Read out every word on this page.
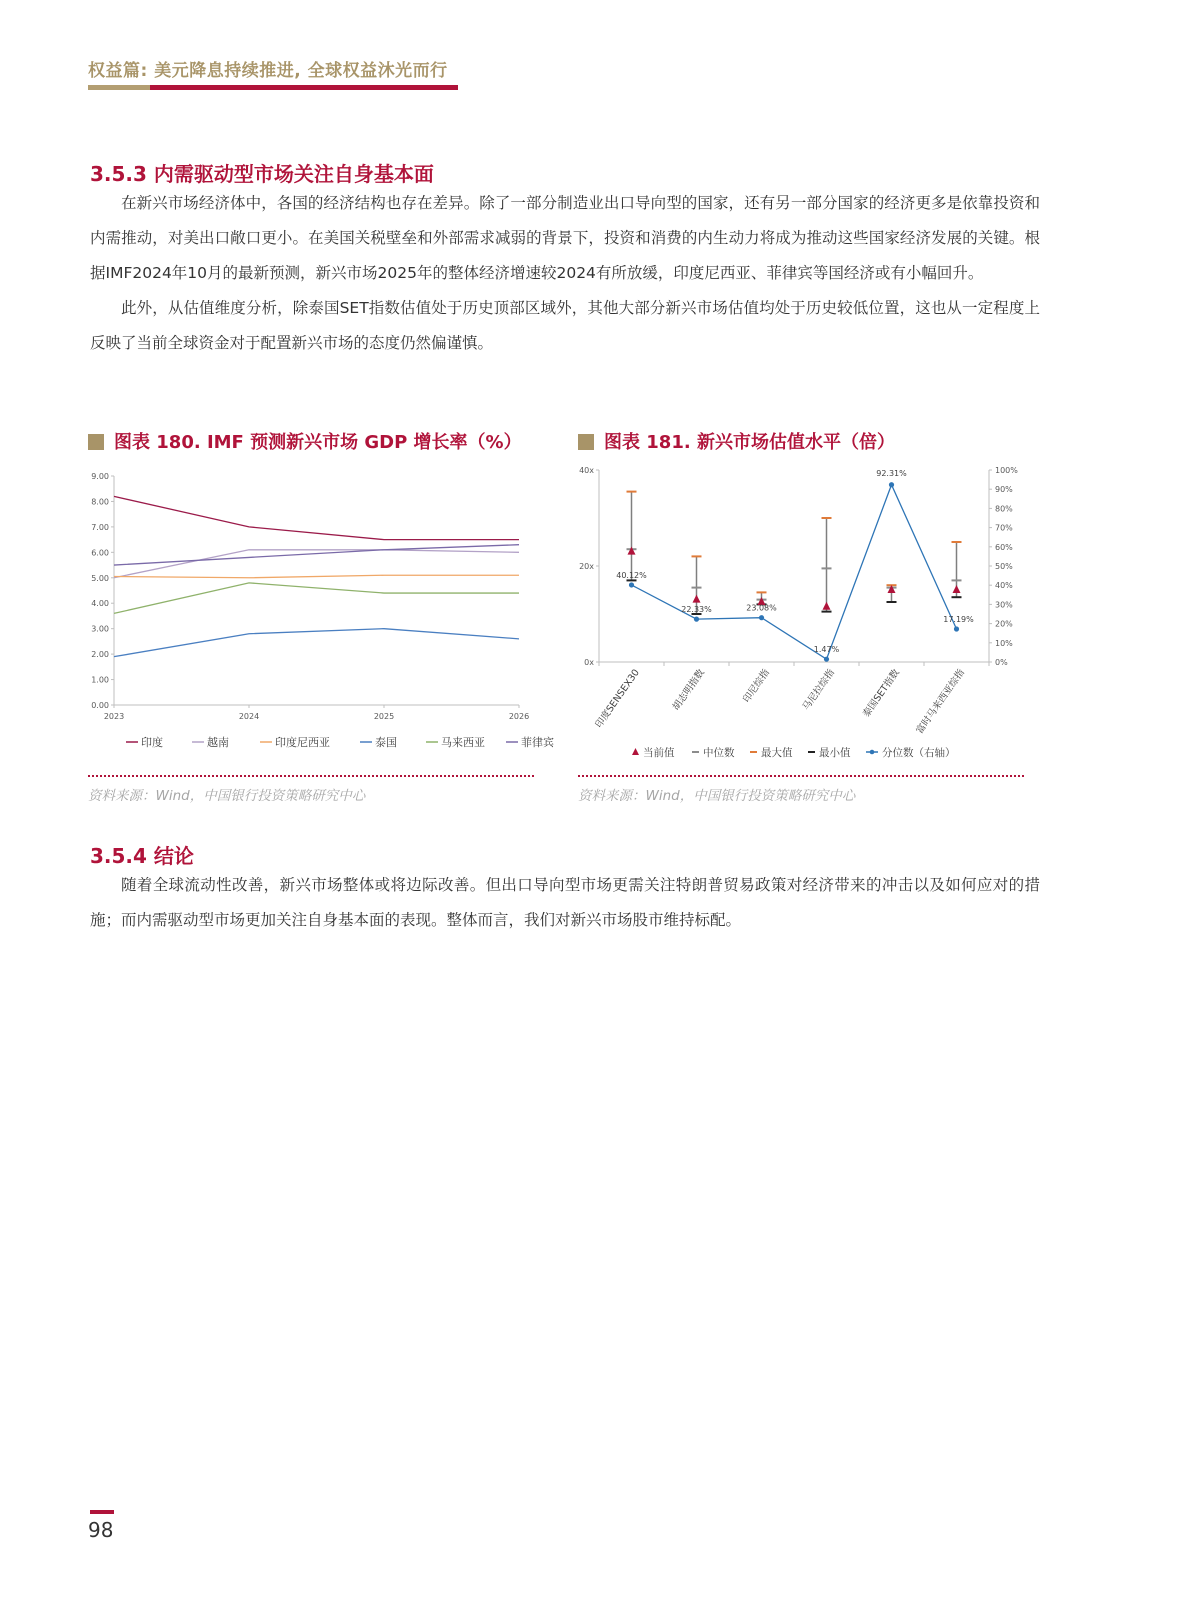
权益篇: 美元降息持续推进, 全球权益沐光而行
3.5.3 内需驱动型市场关注自身基本面

在新兴市场经济体中，各国的经济结构也存在差异。除了一部分制造业出口导向型的国家，还有另一部分国家的经济更多是依靠投资和内需推动，对美出口敞口更小。在美国关税壁垒和外部需求减弱的背景下，投资和消费的内生动力将成为推动这些国家经济发展的关键。根据IMF2024年10月的最新预测，新兴市场2025年的整体经济增速较2024有所放缓，印度尼西亚、菲律宾等国经济或有小幅回升。

此外，从估值维度分析，除泰国SET指数估值处于历史顶部区域外，其他大部分新兴市场估值均处于历史较低位置，这也从一定程度上反映了当前全球资金对于配置新兴市场的态度仍然偏谨慎。

图表 180. IMF 预测新兴市场 GDP 增长率（%）
0.00
1.00
2.00
3.00
4.00
5.00
6.00
7.00
8.00
9.00
2023	2024	2025	2026
印度	越南	印度尼西亚	泰国	马来西亚	菲律宾
资料来源：Wind，中国银行投资策略研究中心
图表 181. 新兴市场估值水平（倍）
0x
20x
40x
0%
10%
20%
30%
40%
50%
60%
70%
80%
90%
100%
印度SENSEX30	胡志明指数	印尼综指	马尼拉综指	泰国SET指数 富时马来西亚综指
40.12%
22.33%	23.08%
1.47%
92.31%
17.19%
当前值	中位数	最大值	最小值	分位数（右轴）
资料来源：Wind，中国银行投资策略研究中心
3.5.4 结论

随着全球流动性改善，新兴市场整体或将边际改善。但出口导向型市场更需关注特朗普贸易政策对经济带来的冲击以及如何应对的措施；而内需驱动型市场更加关注自身基本面的表现。整体而言，我们对新兴市场股市维持标配。

98
